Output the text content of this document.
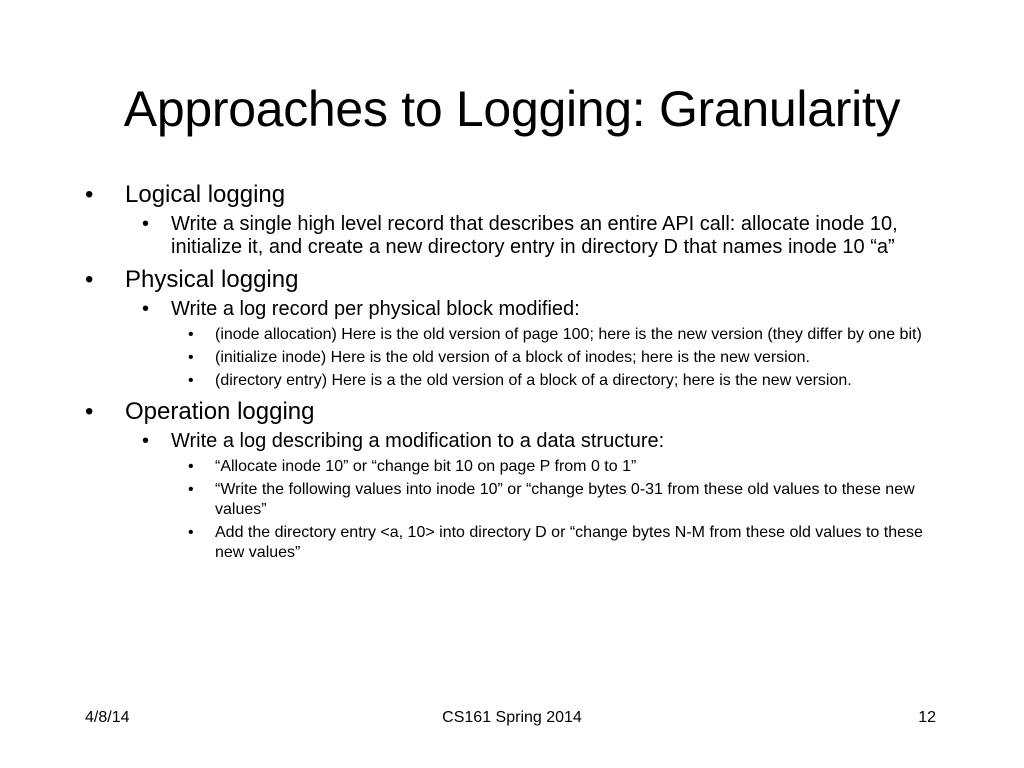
Approaches to Logging: Granularity
• Logical logging
• Write a single high level record that describes an entire API call: allocate inode 10, initialize it, and create a new directory entry in directory D that names inode 10 “a”
• Physical logging
• Write a log record per physical block modified:
• (inode allocation) Here is the old version of page 100; here is the new version (they differ by one bit)
• (initialize inode) Here is the old version of a block of inodes; here is the new version.
• (directory entry) Here is a the old version of a block of a directory; here is the new version.
• Operation logging
• Write a log describing a modification to a data structure:
• “Allocate inode 10” or “change bit 10 on page P from 0 to 1”
• “Write the following values into inode 10” or “change bytes 0-31 from these old values to these new values”
• Add the directory entry <a, 10> into directory D or “change bytes N-M from these old values to these new values”
4/8/14	CS161 Spring 2014	12
